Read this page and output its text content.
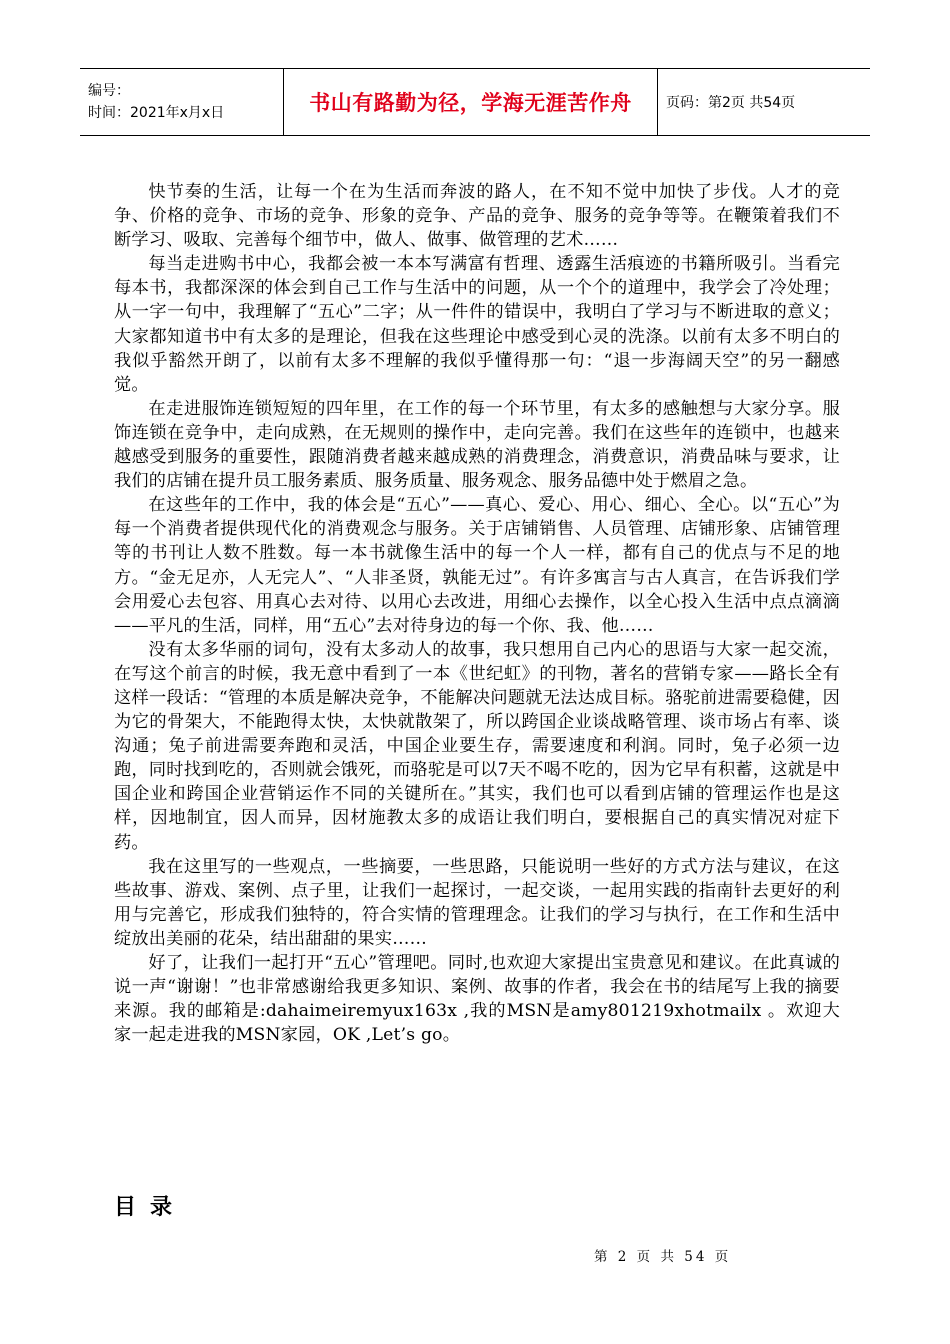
编号：
时间：2021年x月x日	书山有路勤为径，学海无涯苦作舟	页码：第2页 共54页

快节奏的生活，让每一个在为生活而奔波的路人，在不知不觉中加快了步伐。人才的竞争、价格的竞争、市场的竞争、形象的竞争、产品的竞争、服务的竞争等等。在鞭策着我们不断学习、吸取、完善每个细节中，做人、做事、做管理的艺术……

每当走进购书中心，我都会被一本本写满富有哲理、透露生活痕迹的书籍所吸引。当看完每本书，我都深深的体会到自己工作与生活中的问题，从一个个的道理中，我学会了冷处理；从一字一句中，我理解了“五心”二字；从一件件的错误中，我明白了学习与不断进取的意义；大家都知道书中有太多的是理论，但我在这些理论中感受到心灵的洗涤。以前有太多不明白的我似乎豁然开朗了，以前有太多不理解的我似乎懂得那一句：“退一步海阔天空”的另一翻感觉。

在走进服饰连锁短短的四年里，在工作的每一个环节里，有太多的感触想与大家分享。服饰连锁在竞争中，走向成熟，在无规则的操作中，走向完善。我们在这些年的连锁中，也越来越感受到服务的重要性，跟随消费者越来越成熟的消费理念，消费意识，消费品味与要求，让我们的店铺在提升员工服务素质、服务质量、服务观念、服务品德中处于燃眉之急。

在这些年的工作中，我的体会是“五心”——真心、爱心、用心、细心、全心。以“五心”为每一个消费者提供现代化的消费观念与服务。关于店铺销售、人员管理、店铺形象、店铺管理等的书刊让人数不胜数。每一本书就像生活中的每一个人一样，都有自己的优点与不足的地方。“金无足亦，人无完人”、“人非圣贤，孰能无过”。有许多寓言与古人真言，在告诉我们学会用爱心去包容、用真心去对待、以用心去改进，用细心去操作，以全心投入生活中点点滴滴——平凡的生活，同样，用“五心”去对待身边的每一个你、我、他……

没有太多华丽的词句，没有太多动人的故事，我只想用自己内心的思语与大家一起交流，在写这个前言的时候，我无意中看到了一本《世纪虹》的刊物，著名的营销专家——路长全有这样一段话：“管理的本质是解决竞争，不能解决问题就无法达成目标。骆驼前进需要稳健，因为它的骨架大，不能跑得太快，太快就散架了，所以跨国企业谈战略管理、谈市场占有率、谈沟通；兔子前进需要奔跑和灵活，中国企业要生存，需要速度和利润。同时，兔子必须一边跑，同时找到吃的，否则就会饿死，而骆驼是可以7天不喝不吃的，因为它早有积蓄，这就是中国企业和跨国企业营销运作不同的关键所在。”其实，我们也可以看到店铺的管理运作也是这样，因地制宜，因人而异，因材施教太多的成语让我们明白，要根据自己的真实情况对症下药。

我在这里写的一些观点，一些摘要，一些思路，只能说明一些好的方式方法与建议，在这些故事、游戏、案例、点子里，让我们一起探讨，一起交谈，一起用实践的指南针去更好的利用与完善它，形成我们独特的，符合实情的管理理念。让我们的学习与执行，在工作和生活中绽放出美丽的花朵，结出甜甜的果实……

好了，让我们一起打开“五心”管理吧。同时,也欢迎大家提出宝贵意见和建议。在此真诚的说一声“谢谢！”也非常感谢给我更多知识、案例、故事的作者，我会在书的结尾写上我的摘要来源。我的邮箱是:dahaimeiremyux163x ,我的MSN是amy801219xhotmailx 。欢迎大家一起走进我的MSN家园，OK ,Let’s go。

目录
第 2 页 共 54 页
